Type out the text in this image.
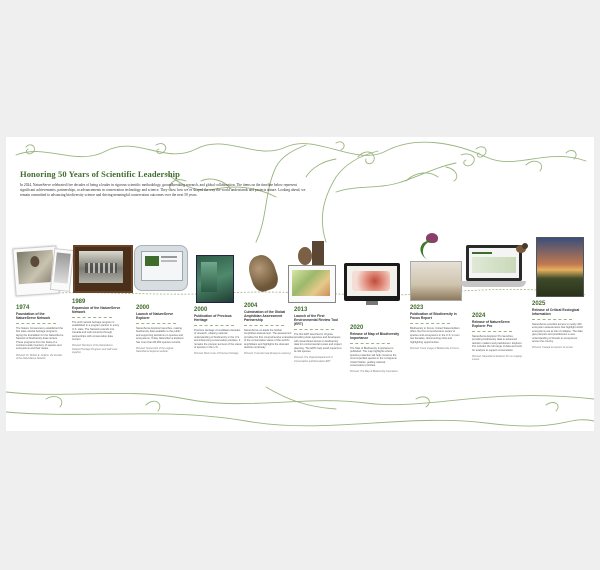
Honoring 50 Years of Scientific Leadership

In 2024, NatureServe celebrated five decades of being a leader in rigorous scientific methodology, groundbreaking research, and global collaboration. The items on the timeline below represent significant achievements, partnerships, or advancements in conservation technology and science. They show how we've shaped the way the world understands and protects nature. Looking ahead, we remain committed to advancing biodiversity science and driving meaningful conservation outcomes over the next 50 years.

1974
Foundation of the NatureServe Network
The Nature Conservancy established the first state natural heritage programs, laying the foundation for the NatureServe Network of biodiversity data centers. These programs form the basis of a continent-wide inventory of species and ecosystems and their status.
Pictured: Dr. Robert E. Jenkins, the founder of the NatureServe Network.
1989
Expansion of the NatureServe Network
The sixth natural heritage program is established in a program partner in every U.S. state. The Network extends into Canada and Latin America through partnerships with conservation data centers.
Pictured: Members of the NatureServe Network Heritage Programs and staff meet together.
2000
Launch of NatureServe Explorer
NatureServe Explorer launches, making biodiversity data available to the public and supporting decisions on species and ecosystems. Today NatureServe Explorer has more than 80,000 species records.
Pictured: Screenshot of the original NatureServe Explorer website.
2000
Publication of Precious Heritage
Precious Heritage consolidates decades of research, shaping national understanding of biodiversity in the U.S. and influencing conservation priorities. It remains the premier account of the status of species in the U.S.
Pictured: Book cover of Precious Heritage.
2004
Culmination of the Global Amphibian Assessment Partnership
NatureServe co-leads the Global Amphibian Assessment. The assessment provides the first comprehensive evaluation of the conservation status of the world's amphibians and highlights the dramatic declines underway.
Pictured: Yosemite toad (Anaxyrus canorus).
2013
Launch of the First Environmental Review Tool (ERT)
The first ERT launched in Virginia, providing state agencies and developers with streamlined access to biodiversity data for environmental review and project planning. The ERTs help avoid impacts to at-risk species.
Pictured: The Virginia Department of Conservation and Recreation ERT.
2020
Release of Map of Biodiversity Importance
The Map of Biodiversity Importance is published. The map highlights where species protection will help conserve the most imperiled species in the contiguous United States, guiding national conservation priorities.
Pictured: The Map of Biodiversity Importance.
2023
Publication of Biodiversity in Focus Report
Biodiversity in Focus: United States Edition offers the first comprehensive review of species and ecosystems in the U.S. in over two decades, documenting risks and highlighting opportunities.
Pictured: Cover image of Biodiversity in Focus.
2024
Release of NatureServe Explorer Pro
NatureServe Explorer Pro launches, providing biodiversity data to advanced decision makers and practitioners. Explorer Pro includes the full range of data and tools for analysis to support conservation.
Pictured: NatureServe Explorer Pro on a laptop screen.
2025
Release of Critical Ecological Information
NatureServe provides access to nearly 400 ecosystem assessments that highlight which ecosystems are at risk of collapse. The data give planners and practitioners a new understanding of threats to ecosystems across the country.
Pictured: Coastal ecosystem at sunset.
